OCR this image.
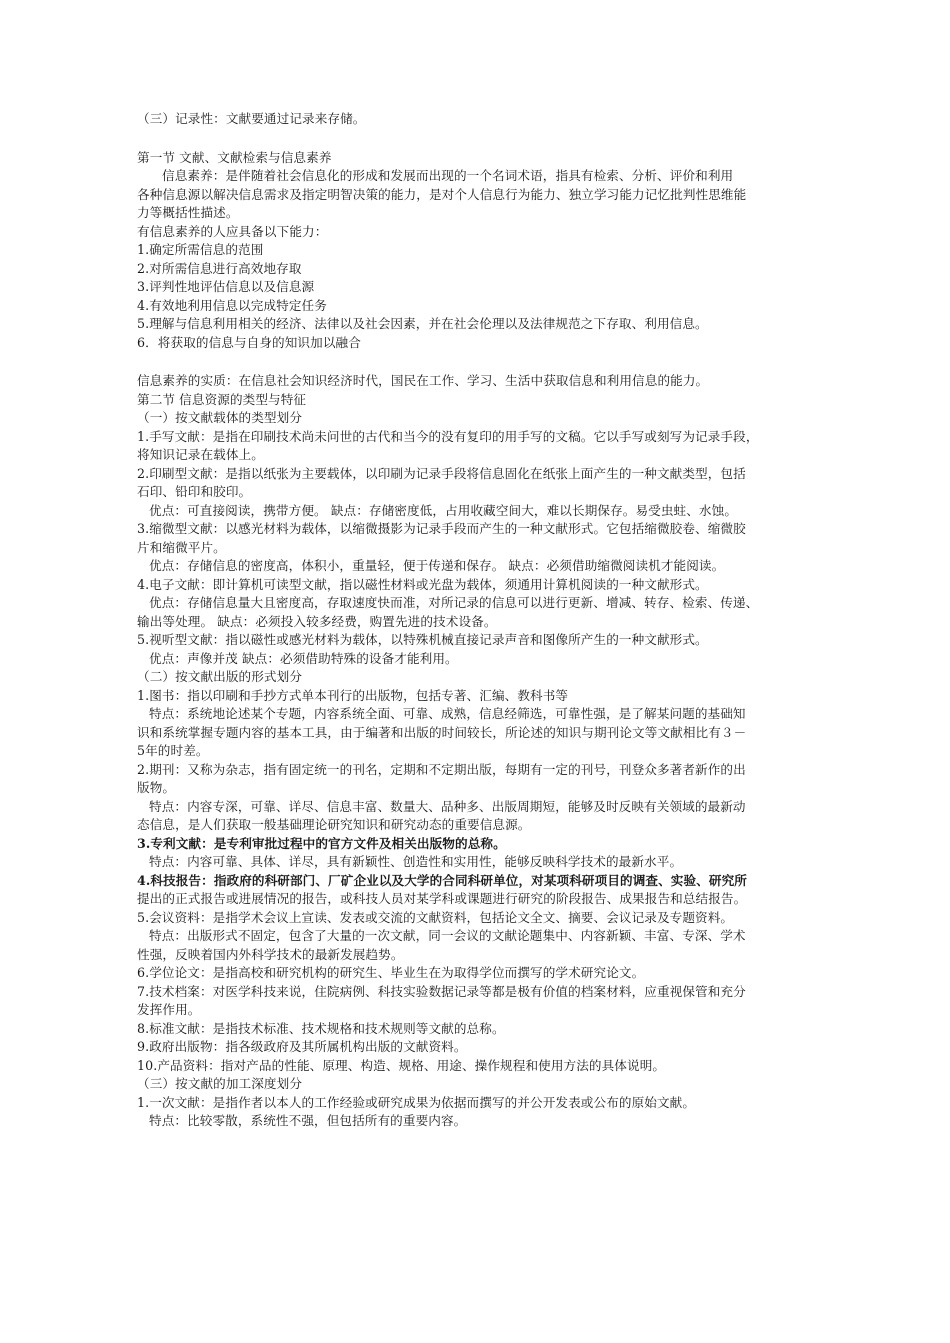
（三）记录性：文献要通过记录来存储。
第一节 文献、文献检索与信息素养
信息素养：是伴随着社会信息化的形成和发展而出现的一个名词术语，指具有检索、分析、评价和利用
各种信息源以解决信息需求及指定明智决策的能力，是对个人信息行为能力、独立学习能力记忆批判性思维能
力等概括性描述。
有信息素养的人应具备以下能力：
1.确定所需信息的范围
2.对所需信息进行高效地存取
3.评判性地评估信息以及信息源
4.有效地利用信息以完成特定任务
5.理解与信息利用相关的经济、法律以及社会因素，并在社会伦理以及法律规范之下存取、利用信息。
6．将获取的信息与自身的知识加以融合
信息素养的实质：在信息社会知识经济时代，国民在工作、学习、生活中获取信息和利用信息的能力。
第二节 信息资源的类型与特征
（一）按文献载体的类型划分
1.手写文献：是指在印刷技术尚未问世的古代和当今的没有复印的用手写的文稿。它以手写或刻写为记录手段，
将知识记录在载体上。
2.印刷型文献：是指以纸张为主要载体，以印刷为记录手段将信息固化在纸张上面产生的一种文献类型，包括
石印、铅印和胶印。
优点：可直接阅读，携带方便。 缺点：存储密度低，占用收藏空间大，难以长期保存。易受虫蛀、水蚀。
3.缩微型文献：以感光材料为载体，以缩微摄影为记录手段而产生的一种文献形式。它包括缩微胶卷、缩微胶
片和缩微平片。
优点：存储信息的密度高，体积小，重量轻，便于传递和保存。 缺点：必须借助缩微阅读机才能阅读。
4.电子文献：即计算机可读型文献，指以磁性材料或光盘为载体，须通用计算机阅读的一种文献形式。
优点：存储信息量大且密度高，存取速度快而准，对所记录的信息可以进行更新、增减、转存、检索、传递、
输出等处理。 缺点：必须投入较多经费，购置先进的技术设备。
5.视听型文献：指以磁性或感光材料为载体，以特殊机械直接记录声音和图像所产生的一种文献形式。
优点：声像并茂 缺点：必须借助特殊的设备才能利用。
（二）按文献出版的形式划分
1.图书：指以印刷和手抄方式单本刊行的出版物，包括专著、汇编、教科书等
特点：系统地论述某个专题，内容系统全面、可靠、成熟，信息经筛选，可靠性强，是了解某问题的基础知
识和系统掌握专题内容的基本工具，由于编著和出版的时间较长，所论述的知识与期刊论文等文献相比有３－
5年的时差。
2.期刊：又称为杂志，指有固定统一的刊名，定期和不定期出版，每期有一定的刊号，刊登众多著者新作的出
版物。
特点：内容专深，可靠、详尽、信息丰富、数量大、品种多、出版周期短，能够及时反映有关领域的最新动
态信息，是人们获取一般基础理论研究知识和研究动态的重要信息源。
3.专利文献：是专利审批过程中的官方文件及相关出版物的总称。
特点：内容可靠、具体、详尽，具有新颖性、创造性和实用性，能够反映科学技术的最新水平。
4.科技报告：指政府的科研部门、厂矿企业以及大学的合同科研单位，对某项科研项目的调查、实验、研究所
提出的正式报告或进展情况的报告，或科技人员对某学科或课题进行研究的阶段报告、成果报告和总结报告。
5.会议资料：是指学术会议上宣读、发表或交流的文献资料，包括论文全文、摘要、会议记录及专题资料。
特点：出版形式不固定，包含了大量的一次文献，同一会议的文献论题集中、内容新颖、丰富、专深、学术
性强，反映着国内外科学技术的最新发展趋势。
6.学位论文：是指高校和研究机构的研究生、毕业生在为取得学位而撰写的学术研究论文。
7.技术档案：对医学科技来说，住院病例、科技实验数据记录等都是极有价值的档案材料，应重视保管和充分
发挥作用。
8.标准文献：是指技术标准、技术规格和技术规则等文献的总称。
9.政府出版物：指各级政府及其所属机构出版的文献资料。
10.产品资料：指对产品的性能、原理、构造、规格、用途、操作规程和使用方法的具体说明。
（三）按文献的加工深度划分
1.一次文献：是指作者以本人的工作经验或研究成果为依据而撰写的并公开发表或公布的原始文献。
特点：比较零散，系统性不强，但包括所有的重要内容。
